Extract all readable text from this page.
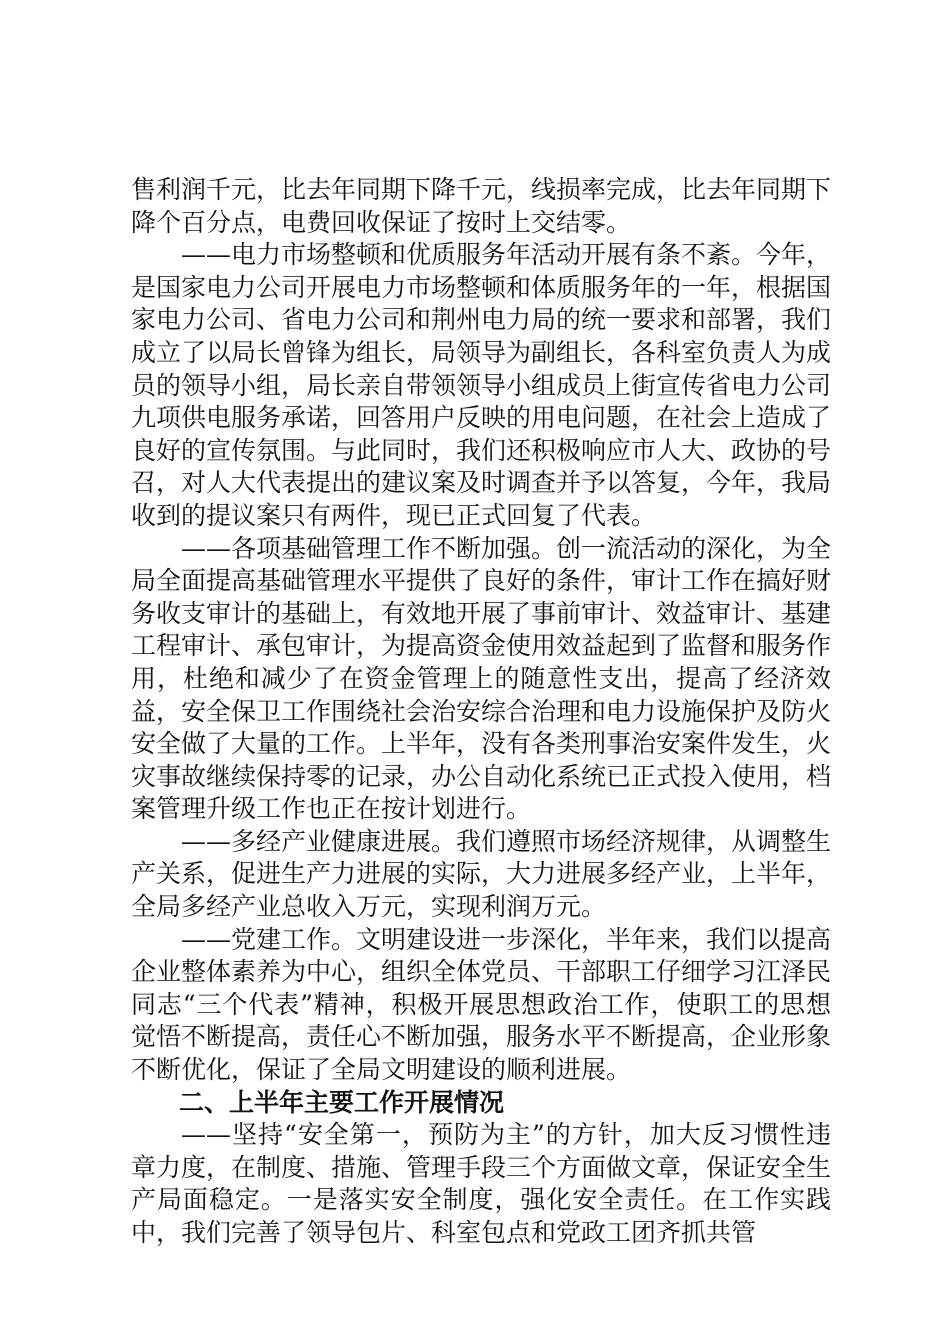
售利润千元，比去年同期下降千元，线损率完成，比去年同期下降个百分点，电费回收保证了按时上交结零。

——电力市场整顿和优质服务年活动开展有条不紊。今年，是国家电力公司开展电力市场整顿和体质服务年的一年，根据国家电力公司、省电力公司和荆州电力局的统一要求和部署，我们成立了以局长曾锋为组长，局领导为副组长，各科室负责人为成员的领导小组，局长亲自带领领导小组成员上街宣传省电力公司九项供电服务承诺，回答用户反映的用电问题，在社会上造成了良好的宣传氛围。与此同时，我们还积极响应市人大、政协的号召，对人大代表提出的建议案及时调查并予以答复，今年，我局收到的提议案只有两件，现已正式回复了代表。

——各项基础管理工作不断加强。创一流活动的深化，为全局全面提高基础管理水平提供了良好的条件，审计工作在搞好财务收支审计的基础上，有效地开展了事前审计、效益审计、基建工程审计、承包审计，为提高资金使用效益起到了监督和服务作用，杜绝和减少了在资金管理上的随意性支出，提高了经济效益，安全保卫工作围绕社会治安综合治理和电力设施保护及防火安全做了大量的工作。上半年，没有各类刑事治安案件发生，火灾事故继续保持零的记录，办公自动化系统已正式投入使用，档案管理升级工作也正在按计划进行。

——多经产业健康进展。我们遵照市场经济规律，从调整生产关系，促进生产力进展的实际，大力进展多经产业，上半年，全局多经产业总收入万元，实现利润万元。

——党建工作。文明建设进一步深化，半年来，我们以提高企业整体素养为中心，组织全体党员、干部职工仔细学习江泽民同志“三个代表”精神，积极开展思想政治工作，使职工的思想觉悟不断提高，责任心不断加强，服务水平不断提高，企业形象不断优化，保证了全局文明建设的顺利进展。

二、上半年主要工作开展情况

——坚持“安全第一，预防为主”的方针，加大反习惯性违章力度，在制度、措施、管理手段三个方面做文章，保证安全生产局面稳定。一是落实安全制度，强化安全责任。在工作实践中，我们完善了领导包片、科室包点和党政工团齐抓共管
